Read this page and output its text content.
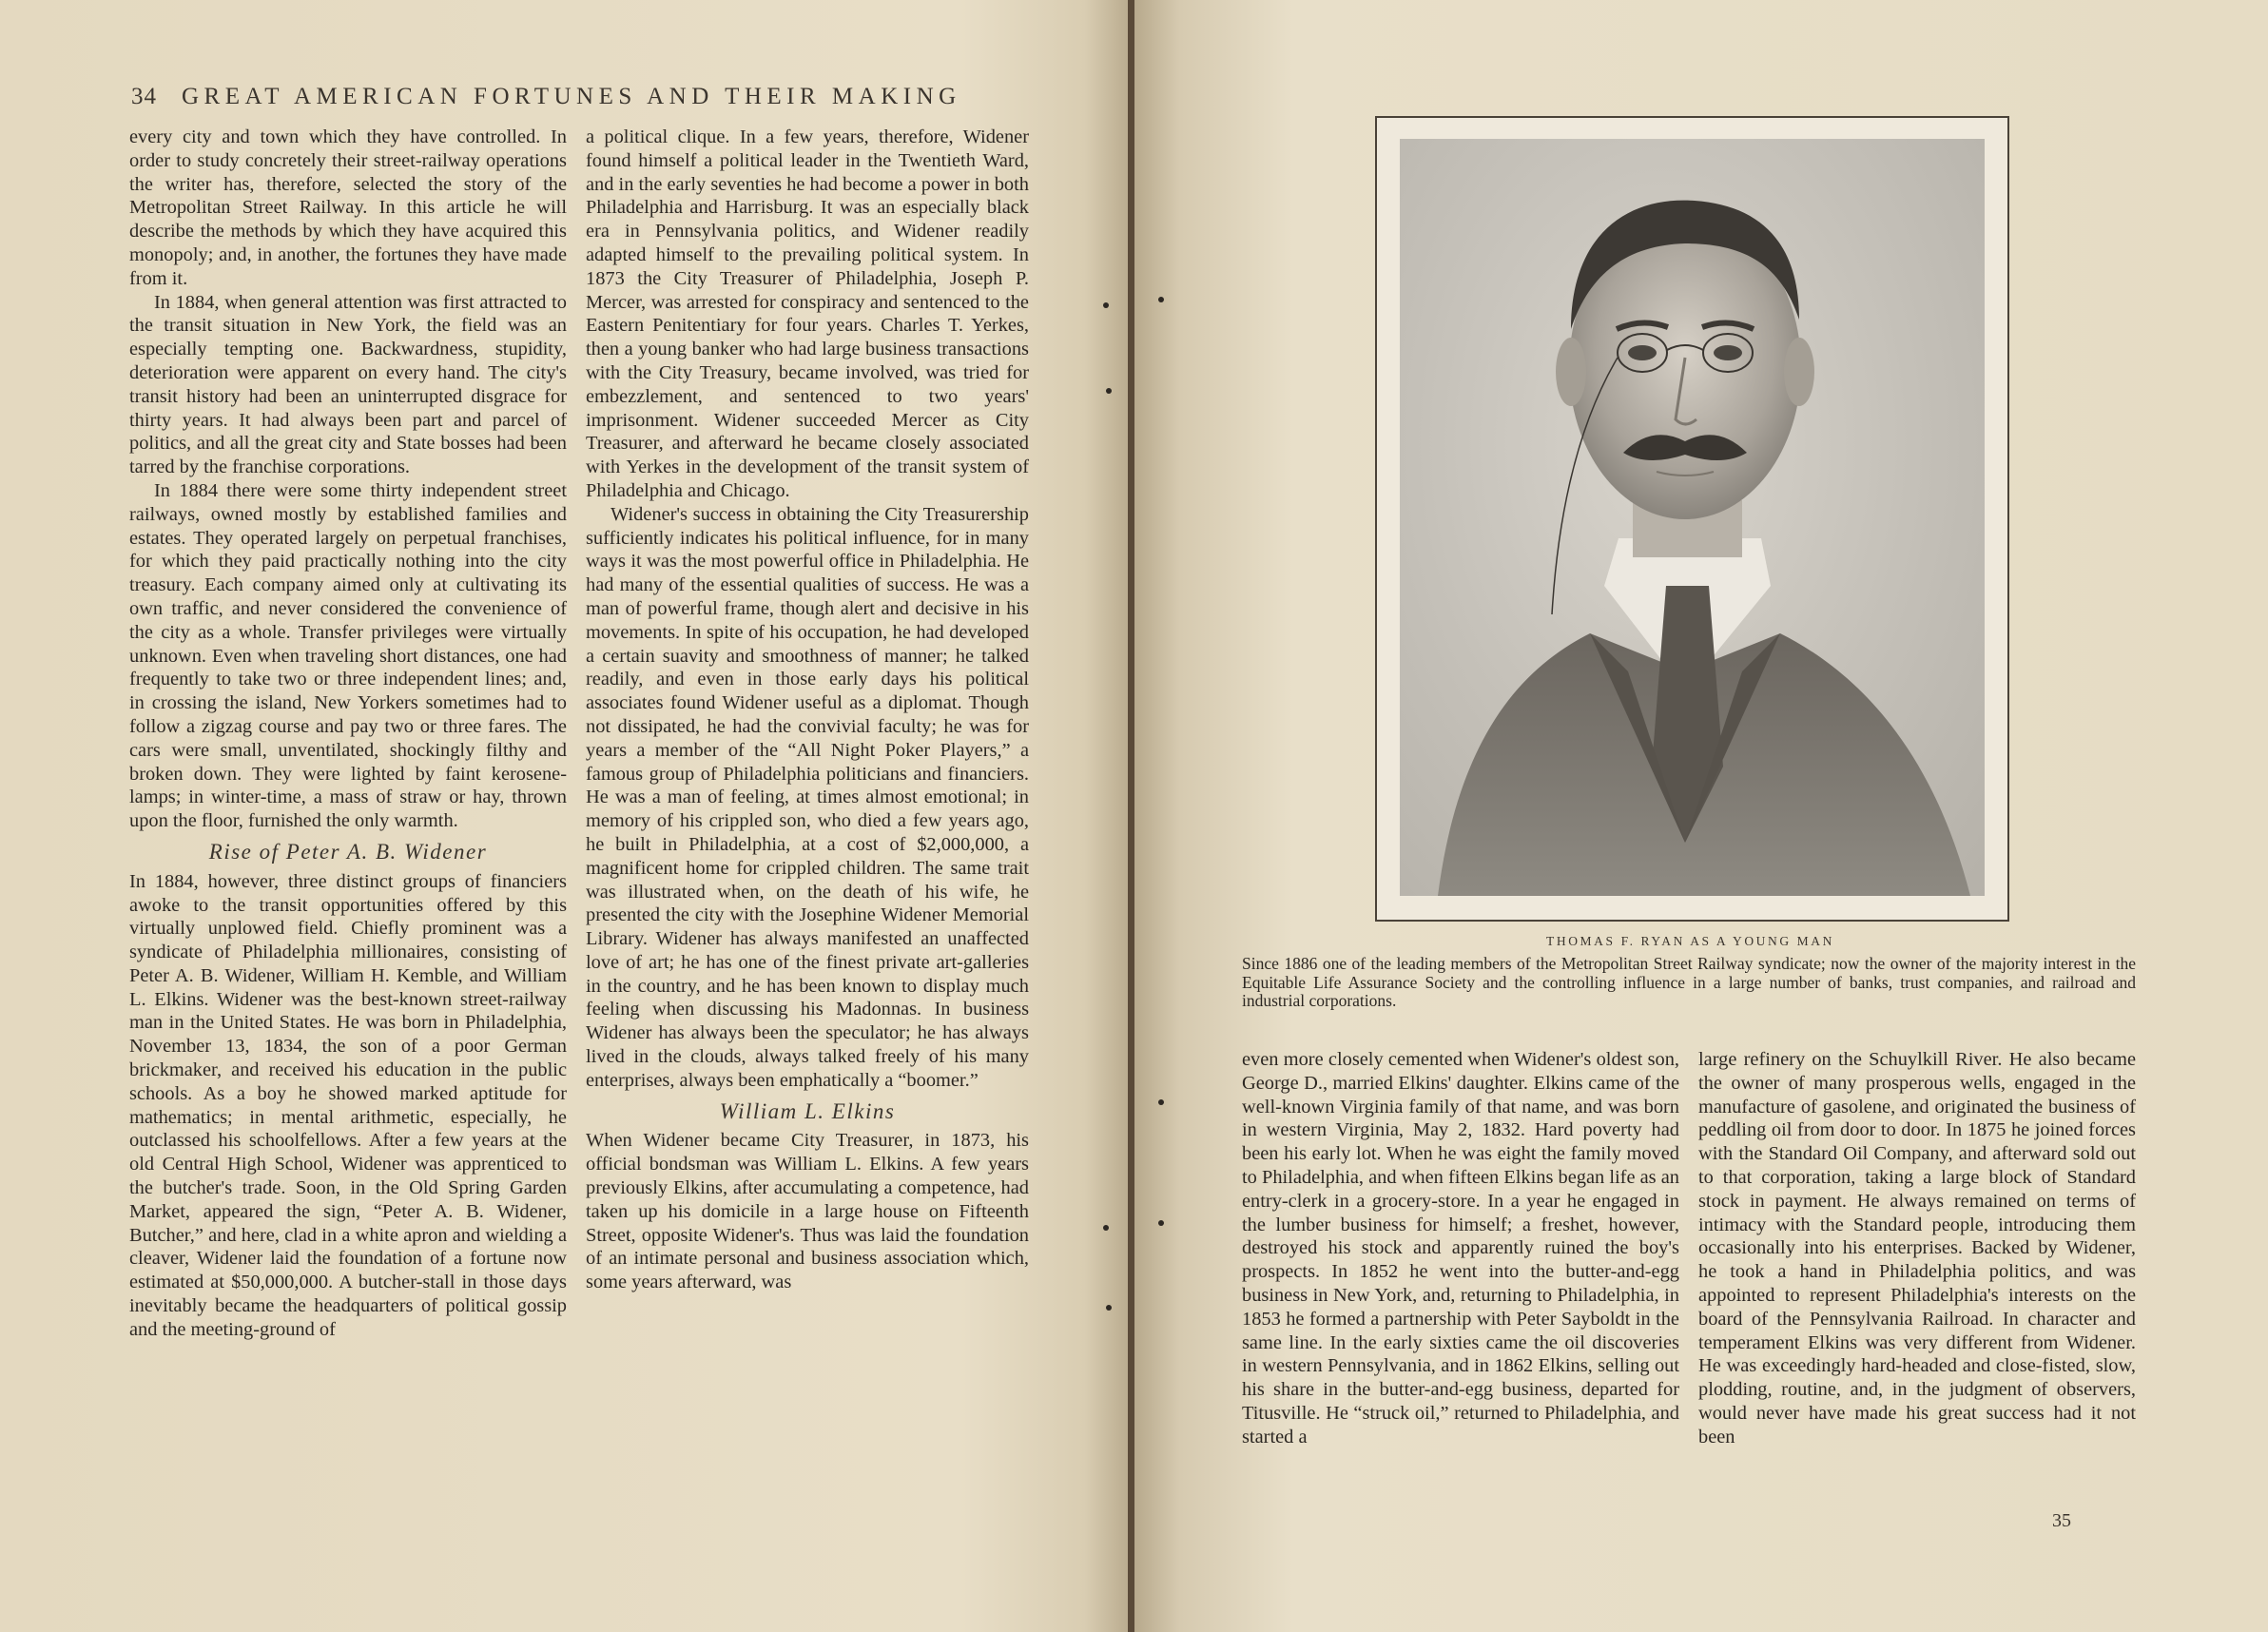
34 GREAT AMERICAN FORTUNES AND THEIR MAKING

every city and town which they have controlled. In order to study concretely their street-railway operations the writer has, therefore, selected the story of the Metropolitan Street Railway. In this article he will describe the methods by which they have acquired this monopoly; and, in another, the fortunes they have made from it.

In 1884, when general attention was first attracted to the transit situation in New York, the field was an especially tempting one. Backwardness, stupidity, deterioration were apparent on every hand. The city's transit history had been an uninterrupted disgrace for thirty years. It had always been part and parcel of politics, and all the great city and State bosses had been tarred by the franchise corporations.

In 1884 there were some thirty independent street railways, owned mostly by established families and estates. They operated largely on perpetual franchises, for which they paid practically nothing into the city treasury. Each company aimed only at cultivating its own traffic, and never considered the convenience of the city as a whole. Transfer privileges were virtually unknown. Even when traveling short distances, one had frequently to take two or three independent lines; and, in crossing the island, New Yorkers sometimes had to follow a zigzag course and pay two or three fares. The cars were small, unventilated, shockingly filthy and broken down. They were lighted by faint kerosene-lamps; in winter-time, a mass of straw or hay, thrown upon the floor, furnished the only warmth.

Rise of Peter A. B. Widener

In 1884, however, three distinct groups of financiers awoke to the transit opportunities offered by this virtually unplowed field. Chiefly prominent was a syndicate of Philadelphia millionaires, consisting of Peter A. B. Widener, William H. Kemble, and William L. Elkins. Widener was the best-known street-railway man in the United States. He was born in Philadelphia, November 13, 1834, the son of a poor German brickmaker, and received his education in the public schools. As a boy he showed marked aptitude for mathematics; in mental arithmetic, especially, he outclassed his schoolfellows. After a few years at the old Central High School, Widener was apprenticed to the butcher's trade. Soon, in the Old Spring Garden Market, appeared the sign, “Peter A. B. Widener, Butcher,” and here, clad in a white apron and wielding a cleaver, Widener laid the foundation of a fortune now estimated at $50,000,000. A butcher-stall in those days inevitably became the headquarters of political gossip and the meeting-ground of

a political clique. In a few years, therefore, Widener found himself a political leader in the Twentieth Ward, and in the early seventies he had become a power in both Philadelphia and Harrisburg. It was an especially black era in Pennsylvania politics, and Widener readily adapted himself to the prevailing political system. In 1873 the City Treasurer of Philadelphia, Joseph P. Mercer, was arrested for conspiracy and sentenced to the Eastern Penitentiary for four years. Charles T. Yerkes, then a young banker who had large business transactions with the City Treasury, became involved, was tried for embezzlement, and sentenced to two years' imprisonment. Widener succeeded Mercer as City Treasurer, and afterward he became closely associated with Yerkes in the development of the transit system of Philadelphia and Chicago.

Widener's success in obtaining the City Treasurership sufficiently indicates his political influence, for in many ways it was the most powerful office in Philadelphia. He had many of the essential qualities of success. He was a man of powerful frame, though alert and decisive in his movements. In spite of his occupation, he had developed a certain suavity and smoothness of manner; he talked readily, and even in those early days his political associates found Widener useful as a diplomat. Though not dissipated, he had the convivial faculty; he was for years a member of the “All Night Poker Players,” a famous group of Philadelphia politicians and financiers. He was a man of feeling, at times almost emotional; in memory of his crippled son, who died a few years ago, he built in Philadelphia, at a cost of $2,000,000, a magnificent home for crippled children. The same trait was illustrated when, on the death of his wife, he presented the city with the Josephine Widener Memorial Library. Widener has always manifested an unaffected love of art; he has one of the finest private art-galleries in the country, and he has been known to display much feeling when discussing his Madonnas. In business Widener has always been the speculator; he has always lived in the clouds, always talked freely of his many enterprises, always been emphatically a “boomer.”

William L. Elkins

When Widener became City Treasurer, in 1873, his official bondsman was William L. Elkins. A few years previously Elkins, after accumulating a competence, had taken up his domicile in a large house on Fifteenth Street, opposite Widener's. Thus was laid the foundation of an intimate personal and business association which, some years afterward, was

THOMAS F. RYAN AS A YOUNG MAN
Since 1886 one of the leading members of the Metropolitan Street Railway syndicate; now the owner of the majority interest in the Equitable Life Assurance Society and the controlling influence in a large number of banks, trust companies, and railroad and industrial corporations.

even more closely cemented when Widener's oldest son, George D., married Elkins' daughter. Elkins came of the well-known Virginia family of that name, and was born in western Virginia, May 2, 1832. Hard poverty had been his early lot. When he was eight the family moved to Philadelphia, and when fifteen Elkins began life as an entry-clerk in a grocery-store. In a year he engaged in the lumber business for himself; a freshet, however, destroyed his stock and apparently ruined the boy's prospects. In 1852 he went into the butter-and-egg business in New York, and, returning to Philadelphia, in 1853 he formed a partnership with Peter Sayboldt in the same line. In the early sixties came the oil discoveries in western Pennsylvania, and in 1862 Elkins, selling out his share in the butter-and-egg business, departed for Titusville. He “struck oil,” returned to Philadelphia, and started a

large refinery on the Schuylkill River. He also became the owner of many prosperous wells, engaged in the manufacture of gasolene, and originated the business of peddling oil from door to door. In 1875 he joined forces with the Standard Oil Company, and afterward sold out to that corporation, taking a large block of Standard stock in payment. He always remained on terms of intimacy with the Standard people, introducing them occasionally into his enterprises. Backed by Widener, he took a hand in Philadelphia politics, and was appointed to represent Philadelphia's interests on the board of the Pennsylvania Railroad. In character and temperament Elkins was very different from Widener. He was exceedingly hard-headed and close-fisted, slow, plodding, routine, and, in the judgment of observers, would never have made his great success had it not been

35
